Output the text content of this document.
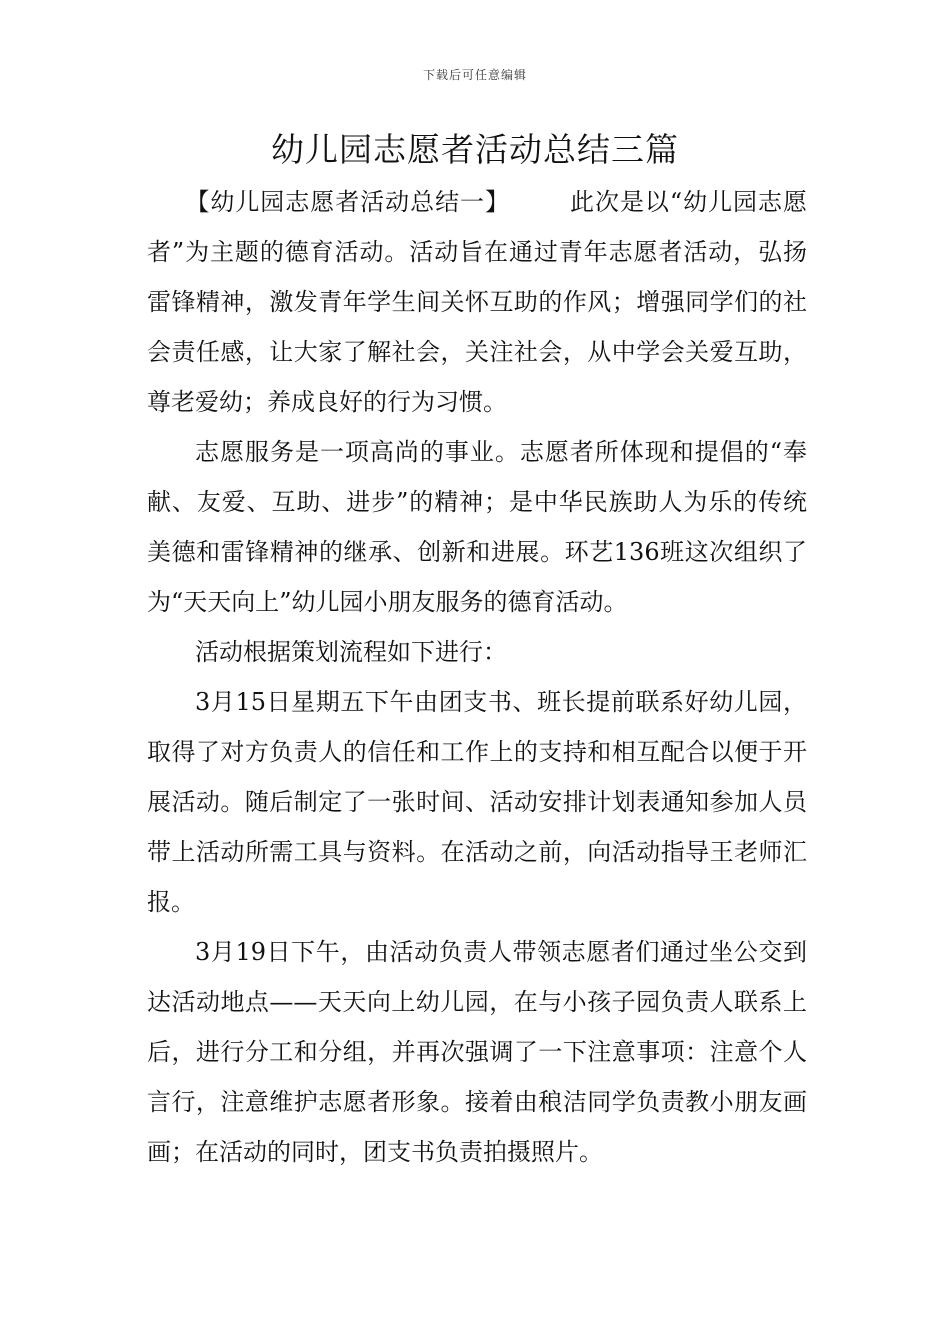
下载后可任意编辑
幼儿园志愿者活动总结三篇

【幼儿园志愿者活动总结一】	此次是以“幼儿园志愿者”为主题的德育活动。活动旨在通过青年志愿者活动，弘扬雷锋精神，激发青年学生间关怀互助的作风；增强同学们的社会责任感，让大家了解社会，关注社会，从中学会关爱互助，尊老爱幼；养成良好的行为习惯。

志愿服务是一项高尚的事业。志愿者所体现和提倡的“奉献、友爱、互助、进步”的精神；是中华民族助人为乐的传统美德和雷锋精神的继承、创新和进展。环艺136班这次组织了为“天天向上”幼儿园小朋友服务的德育活动。

活动根据策划流程如下进行：

3月15日星期五下午由团支书、班长提前联系好幼儿园，取得了对方负责人的信任和工作上的支持和相互配合以便于开展活动。随后制定了一张时间、活动安排计划表通知参加人员带上活动所需工具与资料。在活动之前，向活动指导王老师汇报。

3月19日下午，由活动负责人带领志愿者们通过坐公交到达活动地点——天天向上幼儿园，在与小孩子园负责人联系上后，进行分工和分组，并再次强调了一下注意事项：注意个人言行，注意维护志愿者形象。接着由稂洁同学负责教小朋友画画；在活动的同时，团支书负责拍摄照片。
